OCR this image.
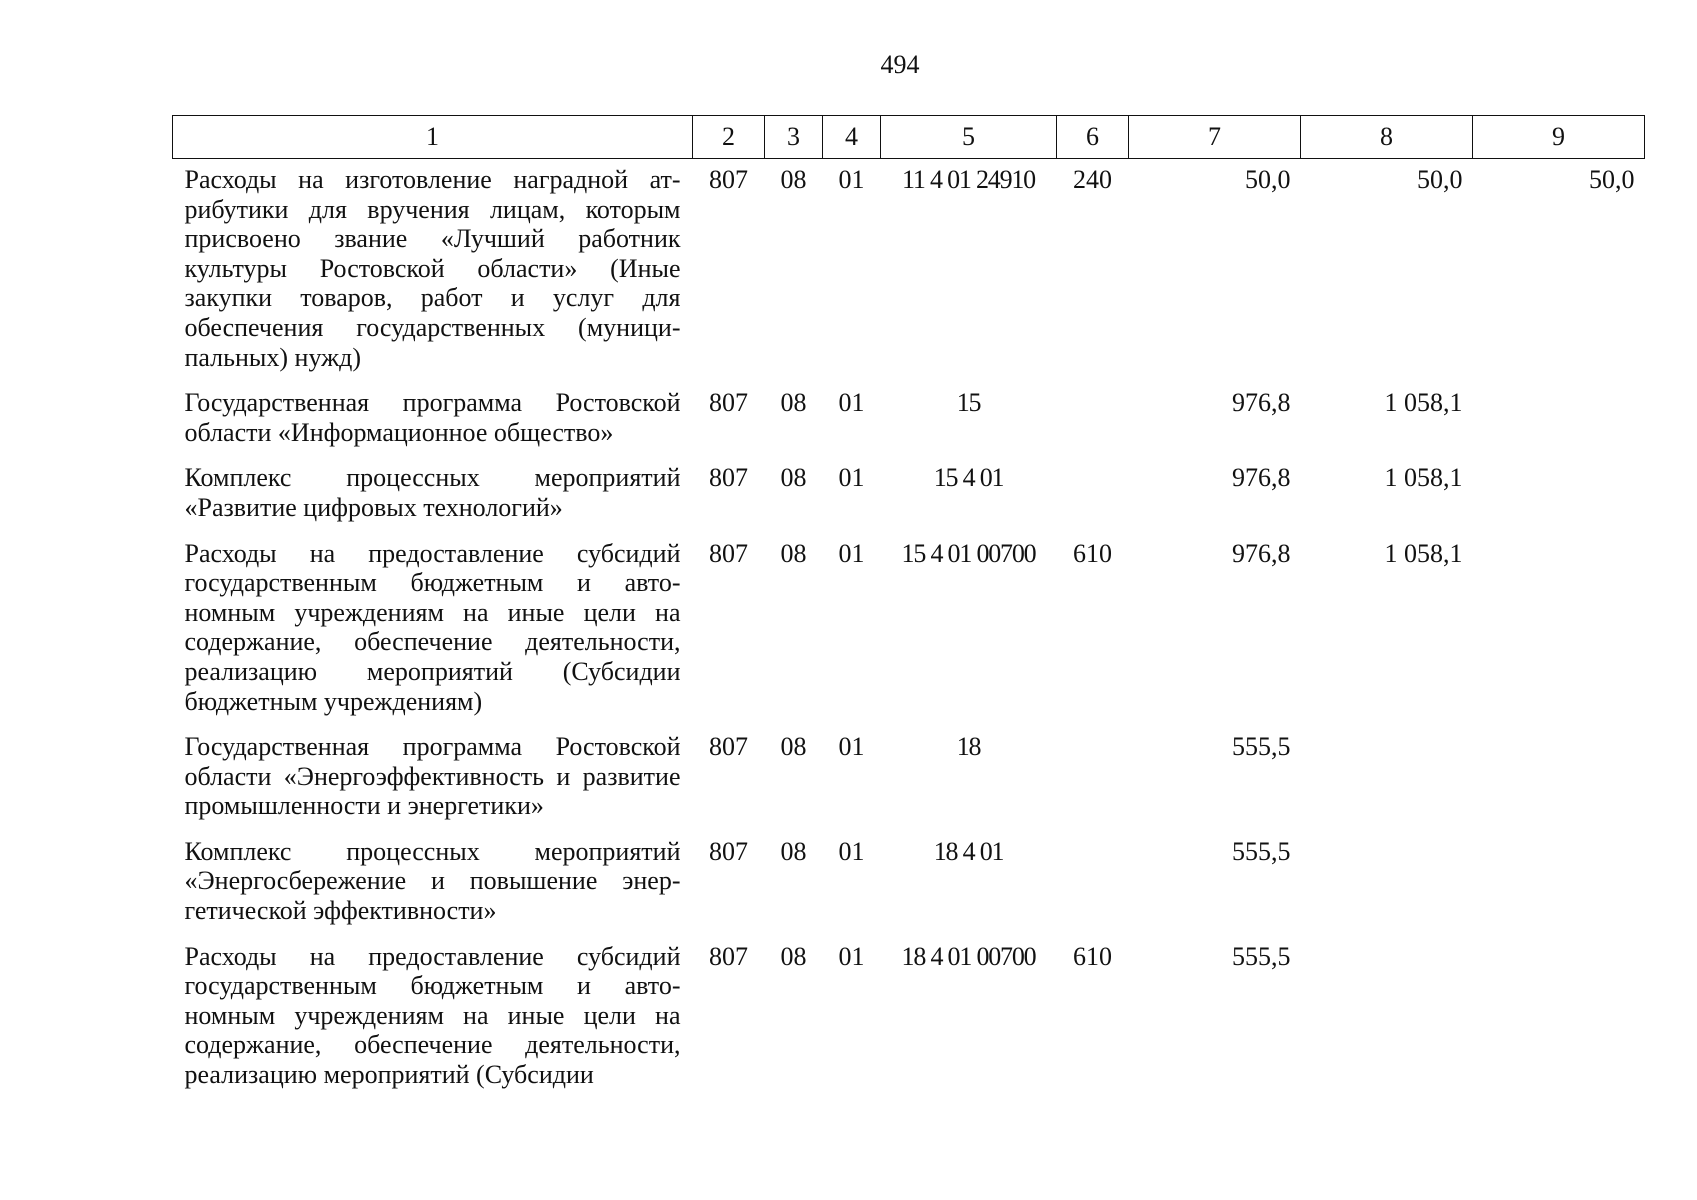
494
1	2	3	4	5	6	7	8	9
Расходы на изготовление наградной атрибутики для вручения лицам, которым присвоено звание «Лучший работник культуры Ростовской области» (Иные закупки товаров, работ и услуг для обеспечения государственных (муниципальных) нужд)	807	08	01	11 4 01 24910	240	50,0	50,0	50,0
Государственная программа Ростовской области «Информационное общество»	807	08	01	15		976,8	1 058,1	
Комплекс процессных мероприятий «Развитие цифровых технологий»	807	08	01	15 4 01		976,8	1 058,1	
Расходы на предоставление субсидий государственным бюджетным и автономным учреждениям на иные цели на содержание, обеспечение деятельности, реализацию мероприятий (Субсидии бюджетным учреждениям)	807	08	01	15 4 01 00700	610	976,8	1 058,1	
Государственная программа Ростовской области «Энергоэффективность и развитие промышленности и энергетики»	807	08	01	18		555,5		
Комплекс процессных мероприятий «Энергосбережение и повышение энергетической эффективности»	807	08	01	18 4 01		555,5		
Расходы на предоставление субсидий государственным бюджетным и автономным учреждениям на иные цели на содержание, обеспечение деятельности, реализацию мероприятий (Субсидии	807	08	01	18 4 01 00700	610	555,5		
